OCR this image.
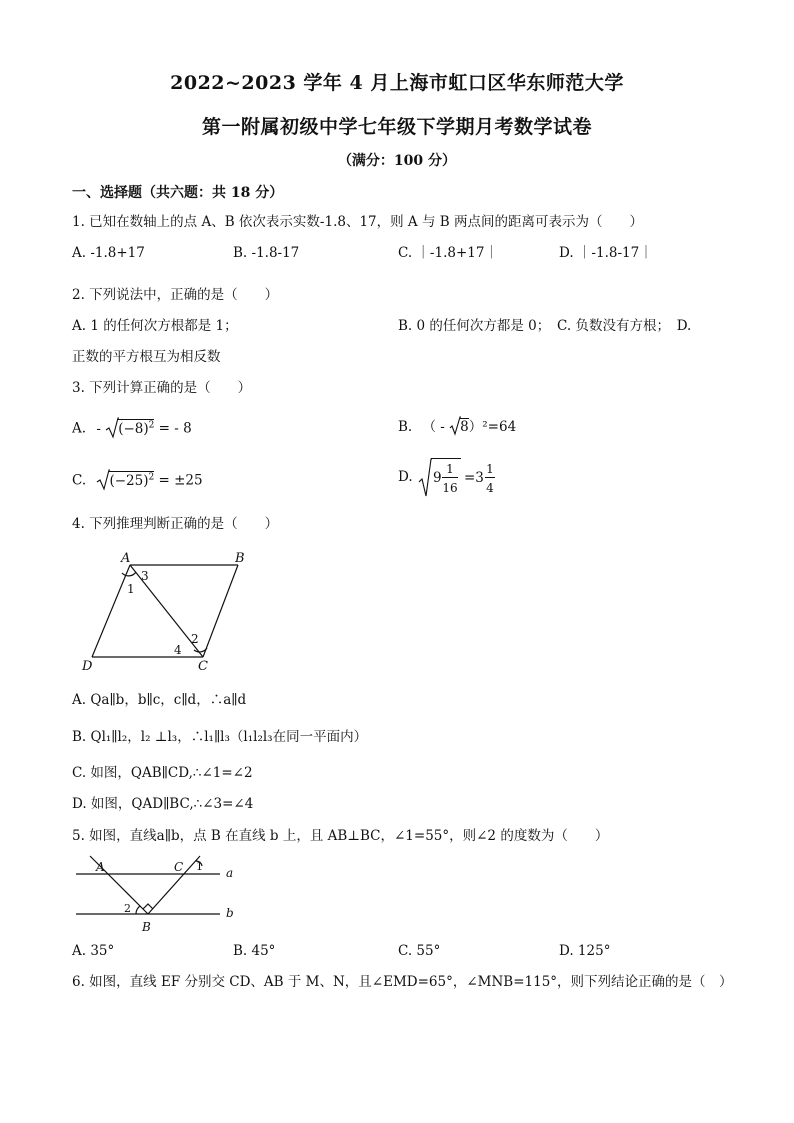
2022~2023 学年 4 月上海市虹口区华东师范大学
第一附属初级中学七年级下学期月考数学试卷
（满分：100 分）
一、选择题（共六题：共 18 分）
1. 已知在数轴上的点 A、B 依次表示实数-1.8、17，则 A 与 B 两点间的距离可表示为（　　）
A. -1.8+17	B. -1.8-17	C. ｜-1.8+17｜	D. ｜-1.8-17｜
2. 下列说法中，正确的是（　　）
A. 1 的任何次方根都是 1；	B. 0 的任何次方都是 0；　C. 负数没有方根；　D.
正数的平方根互为相反数
3. 下列计算正确的是（　　）
A. - $(-8)^2$ = - 8	B. （ - 8）²=64
C. $(-25)^2 = \pm 25$	D. 9
1
16
=3
1
4
4. 下列推理判断正确的是（　　）
A	B
C
D
1
2
3
4
A. Qa∥b，b∥c，c∥d，∴a∥d
B. Ql₁∥l₂，l₂ ⊥l₃，∴l₁∥l₃（l₁l₂l₃在同一平面内）
C. 如图，QAB∥CD,∴∠1=∠2
D. 如图，QAD∥BC,∴∠3=∠4
5. 如图，直线a∥b，点 B 在直线 b 上，且 AB⊥BC，∠1=55°，则∠2 的度数为（　　）
A	C
B
a
b
1
2
A. 35°	B. 45°	C. 55°	D. 125°
6. 如图，直线 EF 分别交 CD、AB 于 M、N，且∠EMD=65°，∠MNB=115°，则下列结论正确的是（　）
